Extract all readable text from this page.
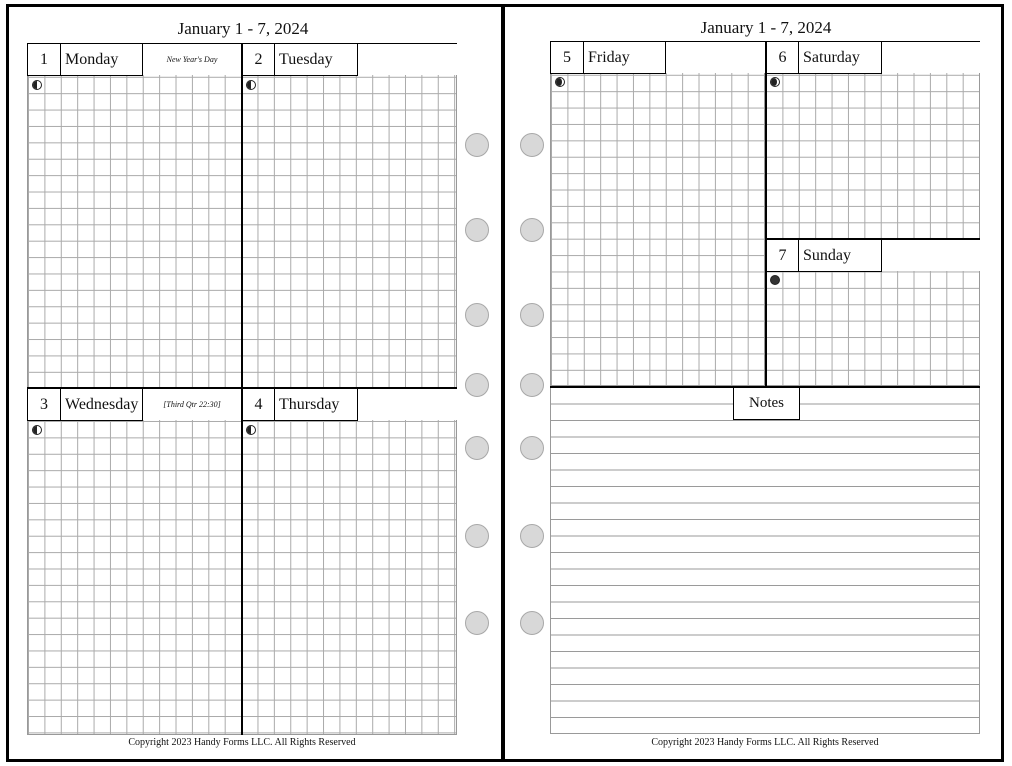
January 1 - 7, 2024
1	Monday	New Year's Day	2	Tuesday
3	Wednesday	[Third Qtr 22:30]	4	Thursday
Copyright 2023 Handy Forms LLC. All Rights Reserved
January 1 - 7, 2024
5	Friday	6	Saturday
7	Sunday
Notes
Copyright 2023 Handy Forms LLC. All Rights Reserved
